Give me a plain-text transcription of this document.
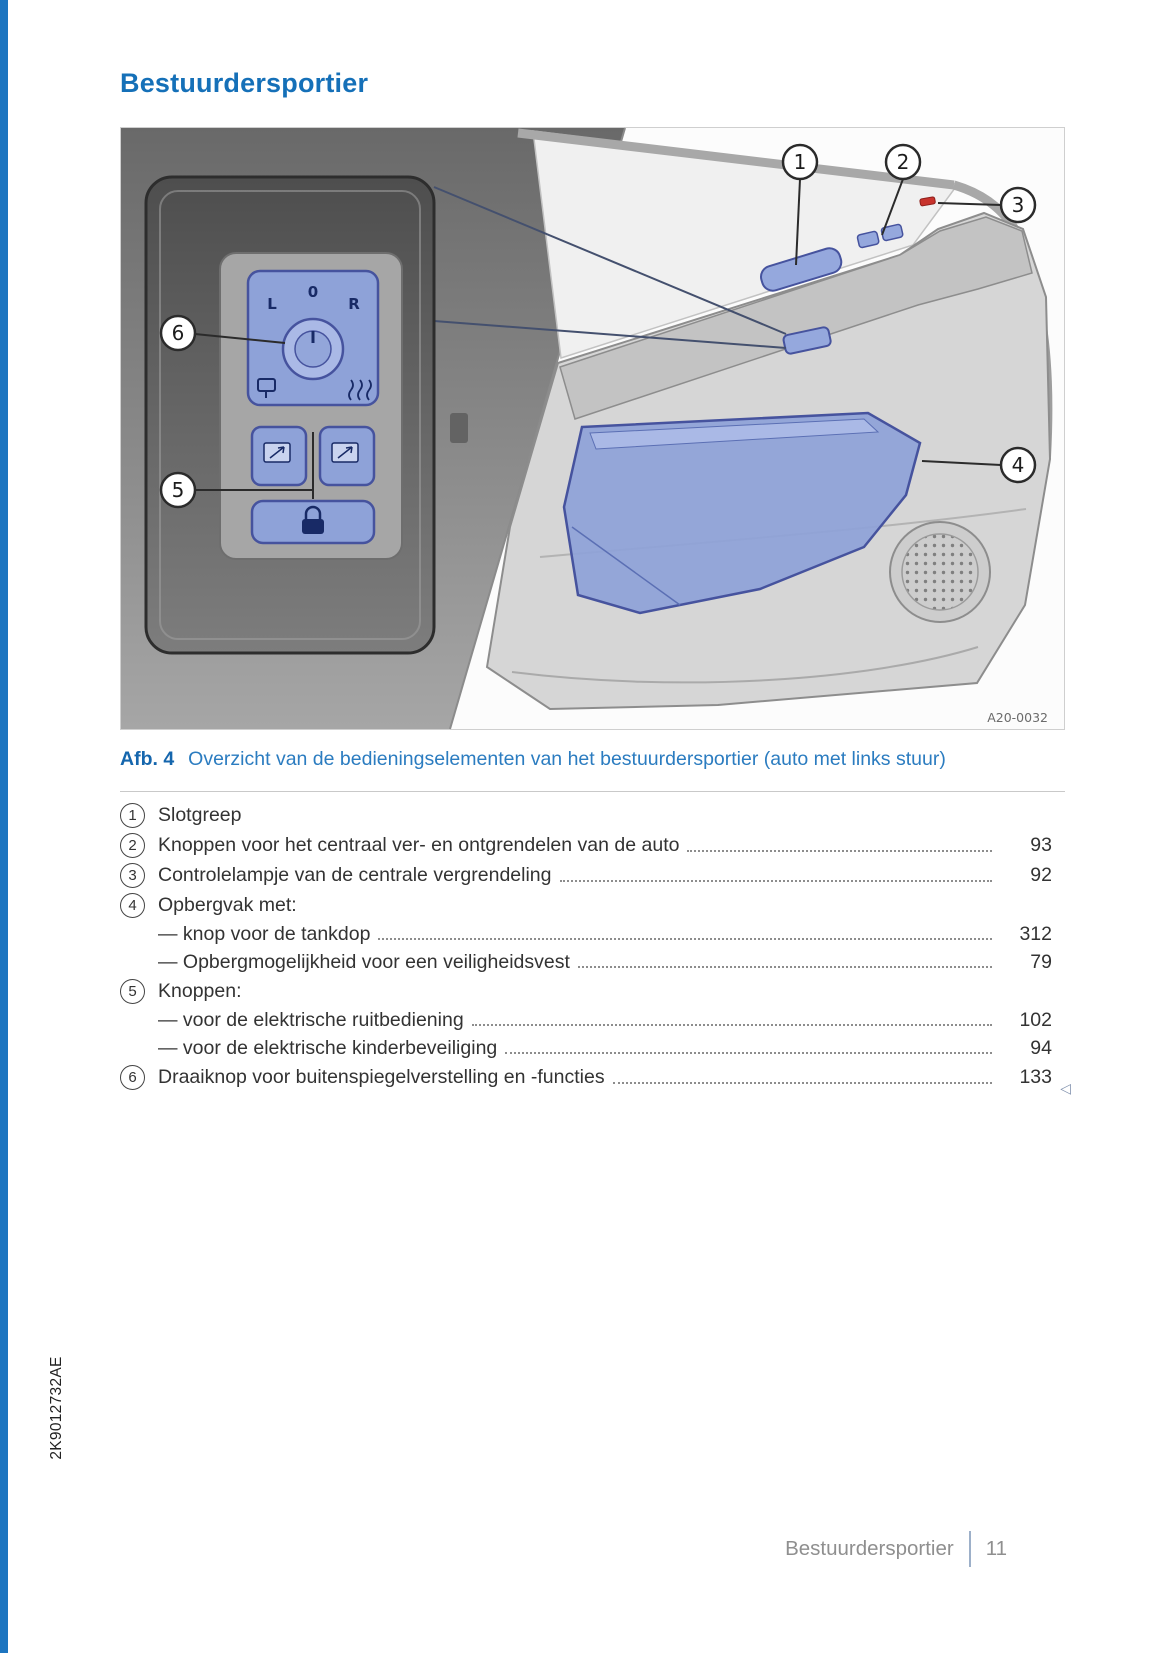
Bestuurdersportier
L
0
R
1	2
3
4
5
6
A20-0032

Afb. 4 Overzicht van de bedieningselementen van het bestuurdersportier (auto met links stuur)

1	Slotgreep
2	Knoppen voor het centraal ver- en ontgrendelen van de auto	93
3	Controlelampje van de centrale vergrendeling	92
4	Opbergvak met:
— knop voor de tankdop	312
— Opbergmogelijkheid voor een veiligheidsvest	79
5	Knoppen:
— voor de elektrische ruitbediening	102
— voor de elektrische kinderbeveiliging	94
6	Draaiknop voor buitenspiegelverstelling en -functies	133 ◁
2K9012732AE
Bestuurdersportier 11
